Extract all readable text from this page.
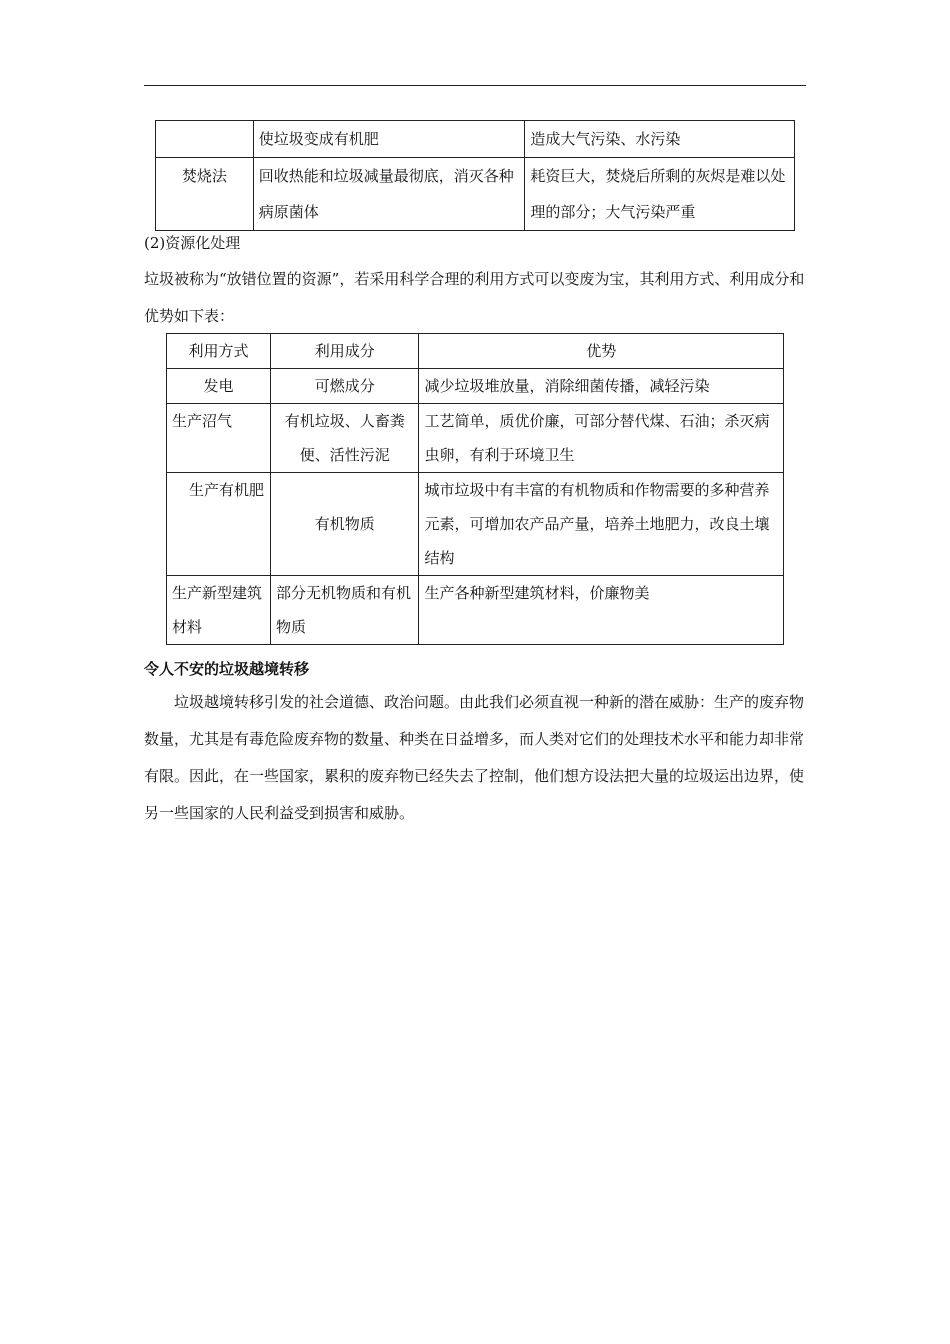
	使垃圾变成有机肥	造成大气污染、水污染
焚烧法	回收热能和垃圾减量最彻底，消灭各种病原菌体	耗资巨大，焚烧后所剩的灰烬是难以处理的部分；大气污染严重

(2)资源化处理

垃圾被称为“放错位置的资源”，若采用科学合理的利用方式可以变废为宝，其利用方式、利用成分和优势如下表：

利用方式	利用成分	优势
发电	可燃成分	减少垃圾堆放量，消除细菌传播，减轻污染
生产沼气	有机垃圾、人畜粪便、活性污泥	工艺简单，质优价廉，可部分替代煤、石油；杀灭病虫卵，有利于环境卫生
生产有机肥	有机物质	城市垃圾中有丰富的有机物质和作物需要的多种营养元素，可增加农产品产量，培养土地肥力，改良土壤结构
生产新型建筑材料	部分无机物质和有机物质	生产各种新型建筑材料，价廉物美

令人不安的垃圾越境转移

垃圾越境转移引发的社会道德、政治问题。由此我们必须直视一种新的潜在威胁：生产的废弃物数量，尤其是有毒危险废弃物的数量、种类在日益增多，而人类对它们的处理技术水平和能力却非常有限。因此，在一些国家，累积的废弃物已经失去了控制，他们想方设法把大量的垃圾运出边界，使另一些国家的人民利益受到损害和威胁。
